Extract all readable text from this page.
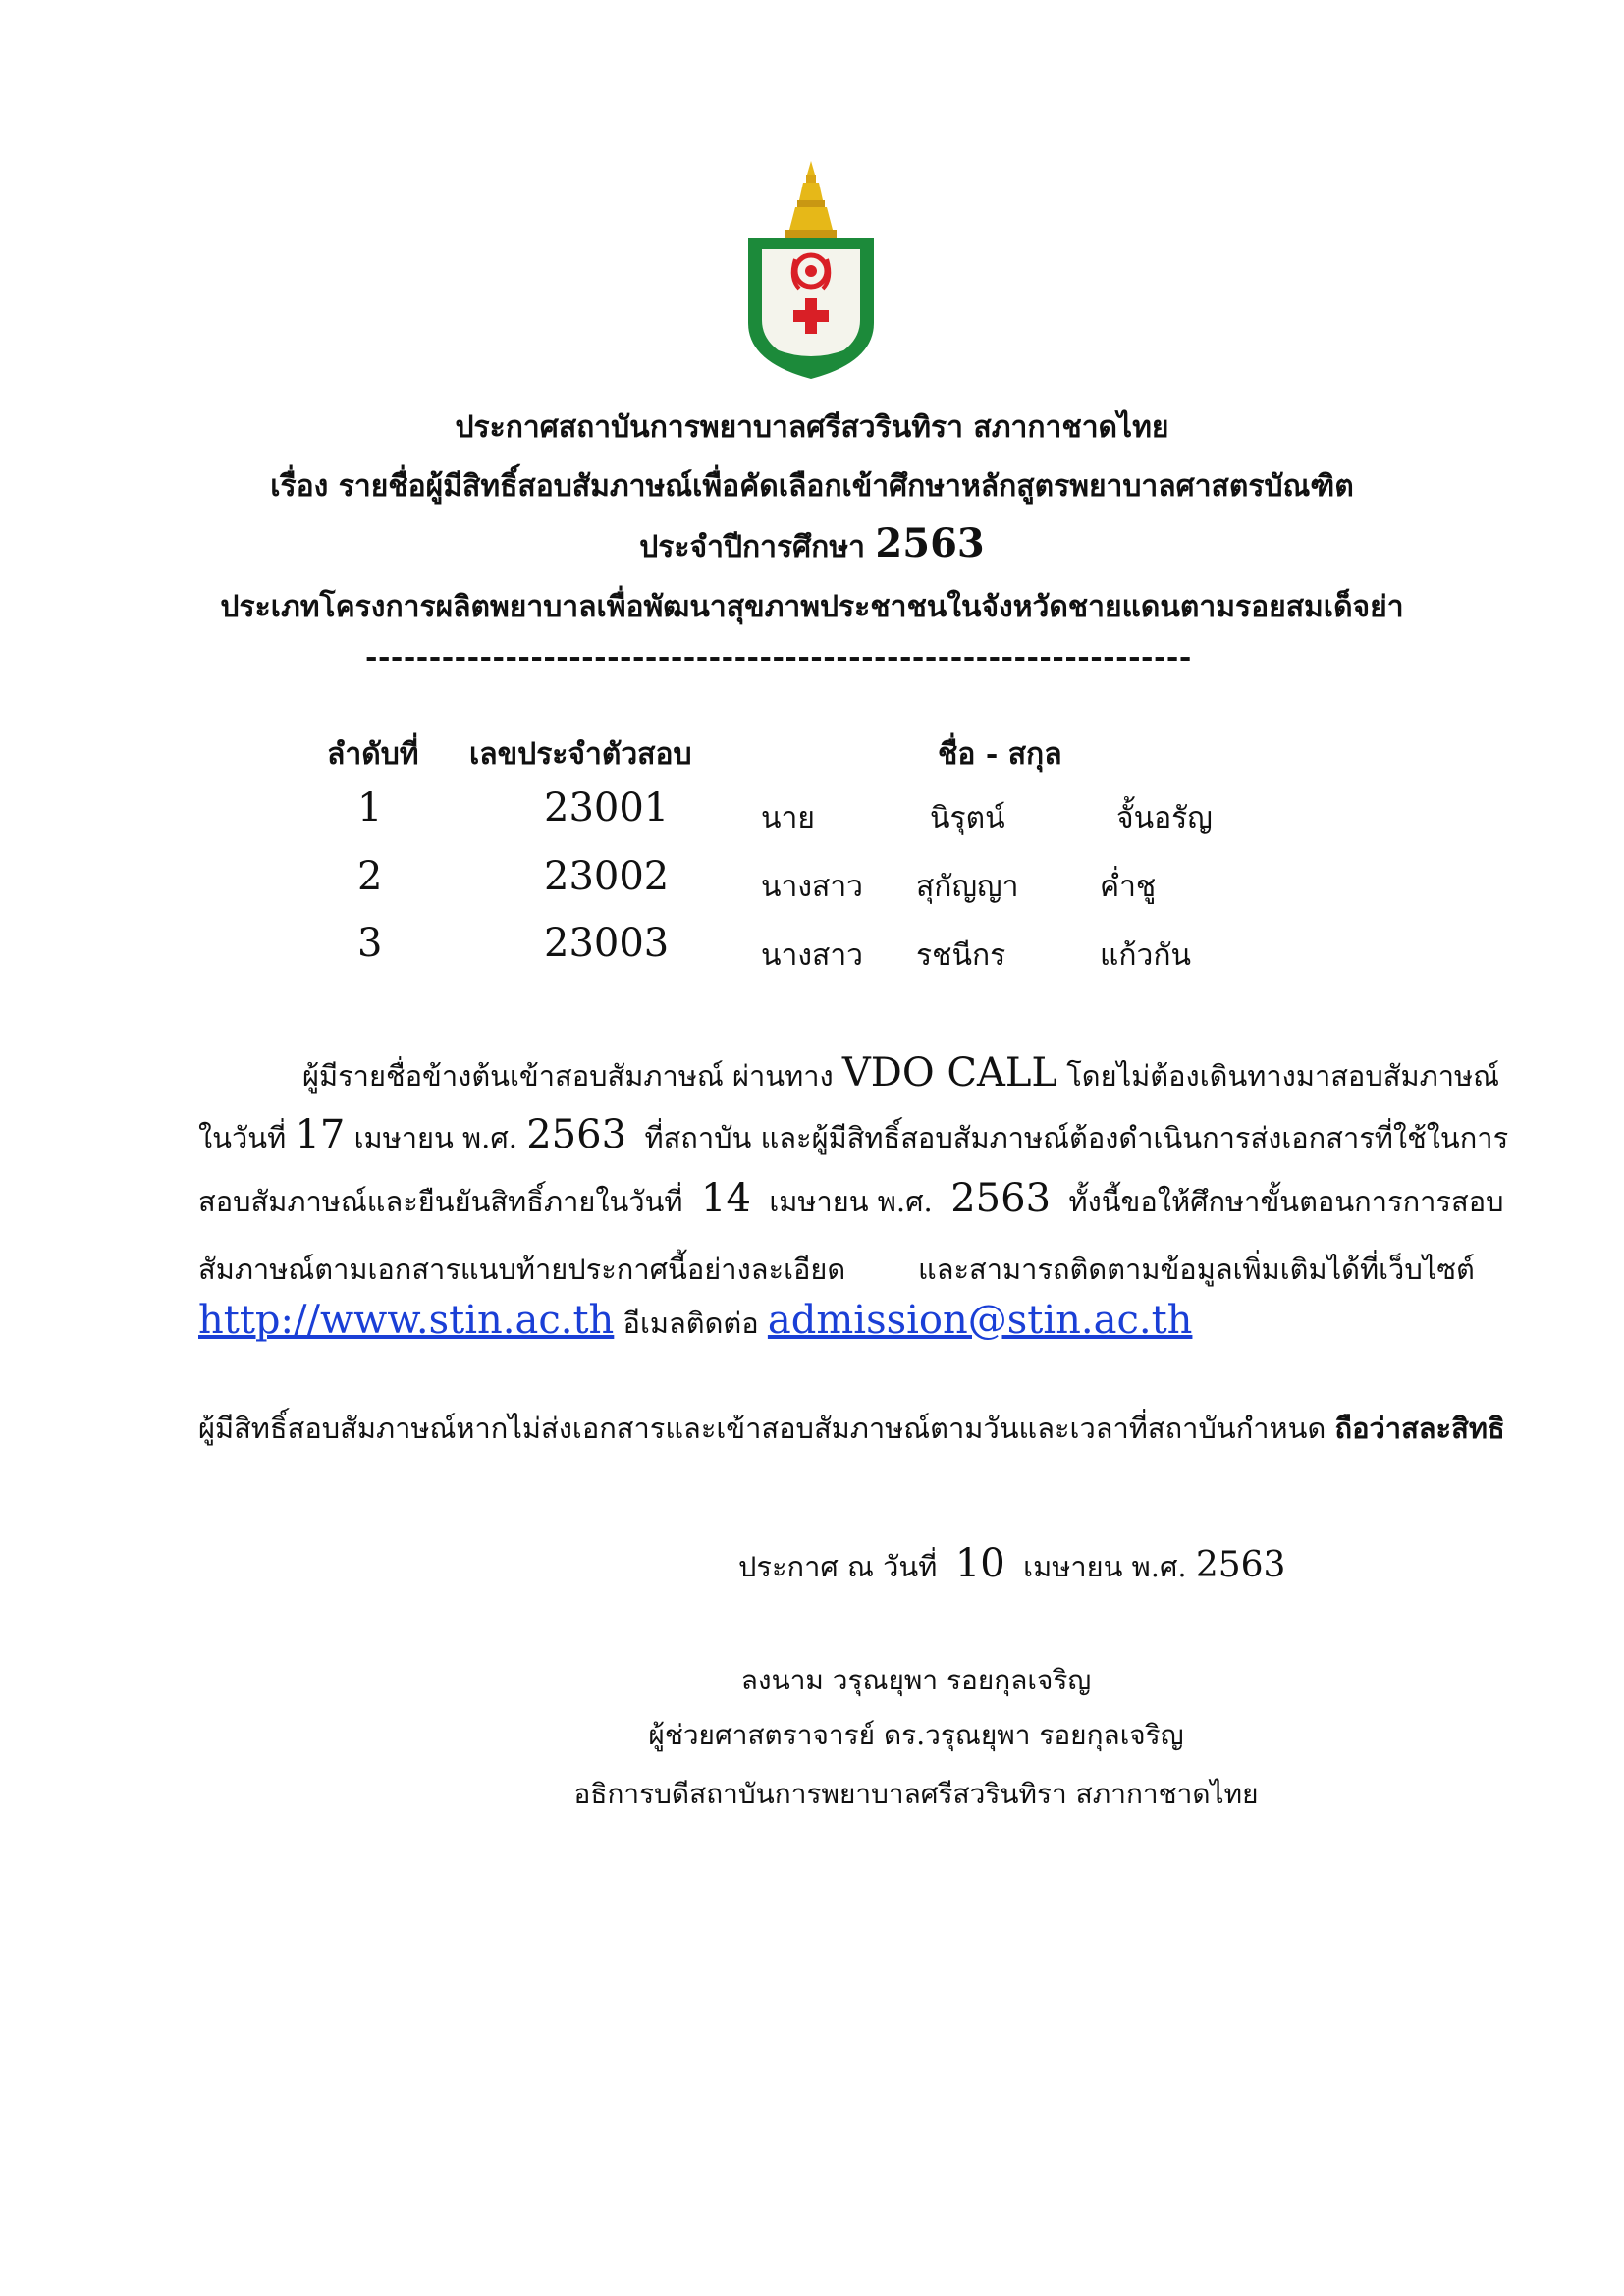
ประกาศสถาบันการพยาบาลศรีสวรินทิรา สภากาชาดไทย
เรื่อง รายชื่อผู้มีสิทธิ์สอบสัมภาษณ์เพื่อคัดเลือกเข้าศึกษาหลักสูตรพยาบาลศาสตรบัณฑิต
ประจำปีการศึกษา 2563
ประเภทโครงการผลิตพยาบาลเพื่อพัฒนาสุขภาพประชาชนในจังหวัดชายแดนตามรอยสมเด็จย่า
-----------------------------------------------------------------
ลำดับที่ เลขประจำตัวสอบ	ชื่อ - สกุล
1	23001	นาย	นิรุตน์	จั้นอรัญ
2	23002	นางสาว สุกัญญา	ค่ำชู
3	23003	นางสาว รชนีกร	แก้วกัน
ผู้มีรายชื่อข้างต้นเข้าสอบสัมภาษณ์ ผ่านทาง VDO CALL โดยไม่ต้องเดินทางมาสอบสัมภาษณ์
ในวันที่ 17 เมษายน พ.ศ. 2563 ที่สถาบัน และผู้มีสิทธิ์สอบสัมภาษณ์ต้องดำเนินการส่งเอกสารที่ใช้ในการ
สอบสัมภาษณ์และยืนยันสิทธิ์ภายในวันที่ 14 เมษายน พ.ศ. 2563 ทั้งนี้ขอให้ศึกษาขั้นตอนการการสอบ
สัมภาษณ์ตามเอกสารแนบท้ายประกาศนี้อย่างละเอียด	และสามารถติดตามข้อมูลเพิ่มเติมได้ที่เว็บไซต์
http://www.stin.ac.th อีเมลติดต่อ admission@stin.ac.th
ผู้มีสิทธิ์สอบสัมภาษณ์หากไม่ส่งเอกสารและเข้าสอบสัมภาษณ์ตามวันและเวลาที่สถาบันกำหนด ถือว่าสละสิทธิ
ประกาศ ณ วันที่ 10 เมษายน พ.ศ. 2563
ลงนาม วรุณยุพา รอยกุลเจริญ
ผู้ช่วยศาสตราจารย์ ดร.วรุณยุพา รอยกุลเจริญ
อธิการบดีสถาบันการพยาบาลศรีสวรินทิรา สภากาชาดไทย
